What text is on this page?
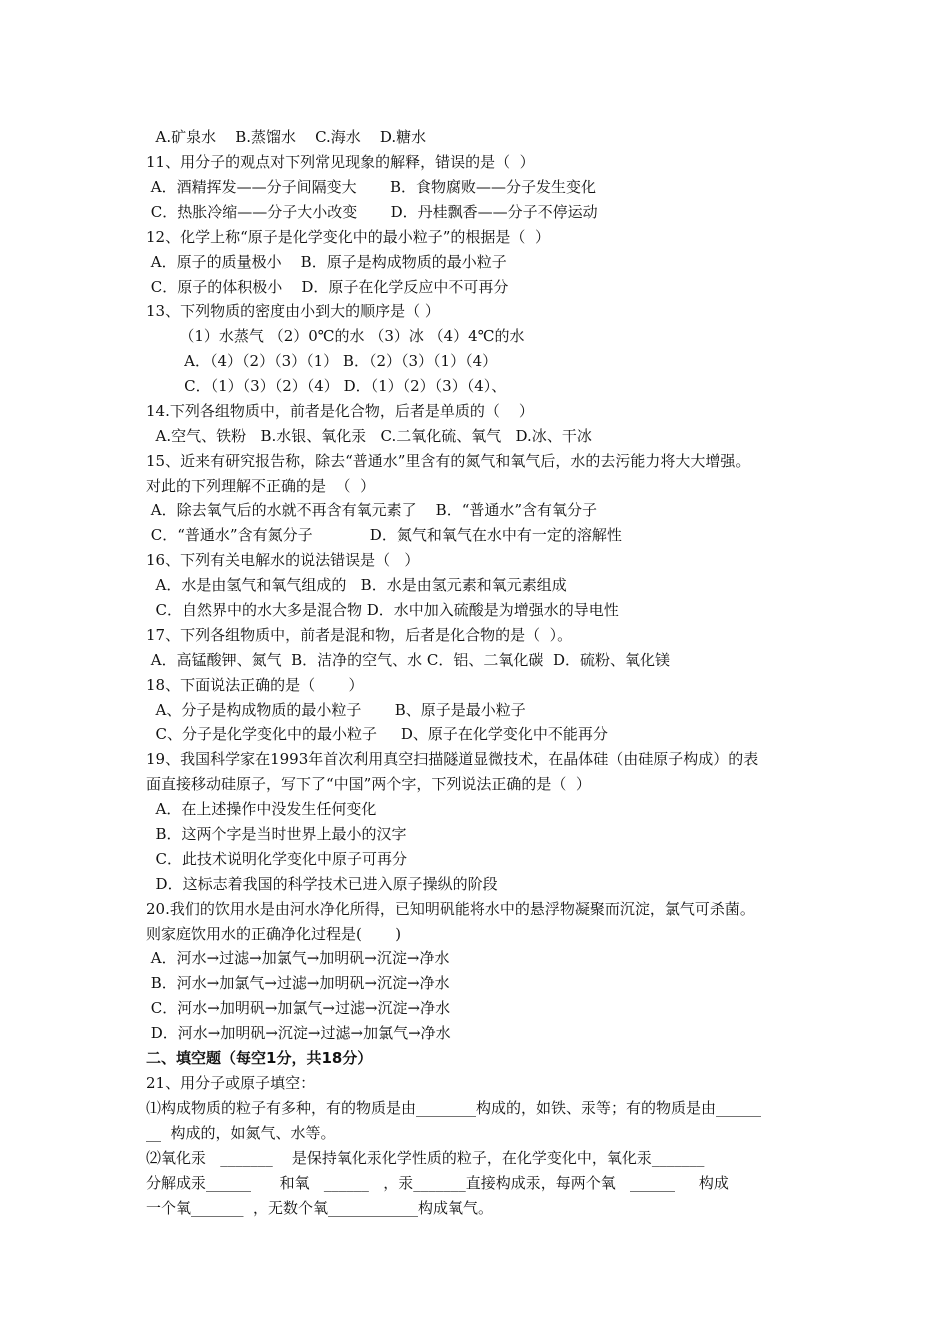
A.矿泉水    B.蒸馏水    C.海水    D.糖水
11、用分子的观点对下列常见现象的解释，错误的是（  ）
A．酒精挥发——分子间隔变大       B．食物腐败——分子发生变化
C．热胀冷缩——分子大小改变       D．丹桂飘香——分子不停运动
12、化学上称“原子是化学变化中的最小粒子”的根据是（  ）
A．原子的质量极小    B．原子是构成物质的最小粒子
C．原子的体积极小    D．原子在化学反应中不可再分
13、下列物质的密度由小到大的顺序是（ ）
（1）水蒸气 （2）0℃的水 （3）冰 （4）4℃的水
A．（4）（2）（3）（1） B．（2）（3）（1）（4）
C．（1）（3）（2）（4） D．（1）（2）（3）（4）、
14.下列各组物质中，前者是化合物，后者是单质的（    ）
A.空气、铁粉   B.水银、氧化汞   C.二氧化硫、氧气   D.冰、干冰
15、近来有研究报告称，除去“普通水”里含有的氮气和氧气后，水的去污能力将大大增强。
对此的下列理解不正确的是  （  ）
A．除去氧气后的水就不再含有氧元素了    B．“普通水”含有氧分子
C．“普通水”含有氮分子            D．氮气和氧气在水中有一定的溶解性
16、下列有关电解水的说法错误是（   ）
A．水是由氢气和氧气组成的   B．水是由氢元素和氧元素组成
C．自然界中的水大多是混合物 D．水中加入硫酸是为增强水的导电性
17、下列各组物质中，前者是混和物，后者是化合物的是（  ）。
A．高锰酸钾、氮气  B．洁净的空气、水 C．铝、二氧化碳  D．硫粉、氧化镁
18、下面说法正确的是（       ）
A、分子是构成物质的最小粒子       B、原子是最小粒子
C、分子是化学变化中的最小粒子     D、原子在化学变化中不能再分
19、我国科学家在1993年首次利用真空扫描隧道显微技术，在晶体硅（由硅原子构成）的表
面直接移动硅原子，写下了“中国”两个字，下列说法正确的是（  ）
A．在上述操作中没发生任何变化
B．这两个字是当时世界上最小的汉字
C．此技术说明化学变化中原子可再分
D．这标志着我国的科学技术已进入原子操纵的阶段
20.我们的饮用水是由河水净化所得，已知明矾能将水中的悬浮物凝聚而沉淀，氯气可杀菌。
则家庭饮用水的正确净化过程是(       )
A．河水→过滤→加氯气→加明矾→沉淀→净水
B．河水→加氯气→过滤→加明矾→沉淀→净水
C．河水→加明矾→加氯气→过滤→沉淀→净水
D．河水→加明矾→沉淀→过滤→加氯气→净水
二、填空题（每空1分，共18分）
21、用分子或原子填空：
⑴构成物质的粒子有多种，有的物质是由________构成的，如铁、汞等；有的物质是由______
__  构成的，如氮气、水等。
⑵氧化汞   _______    是保持氧化汞化学性质的粒子，在化学变化中，氧化汞_______
分解成汞______      和氧   ______   ，汞_______直接构成汞，每两个氧   ______     构成
一个氧_______  ，无数个氧____________构成氧气。
